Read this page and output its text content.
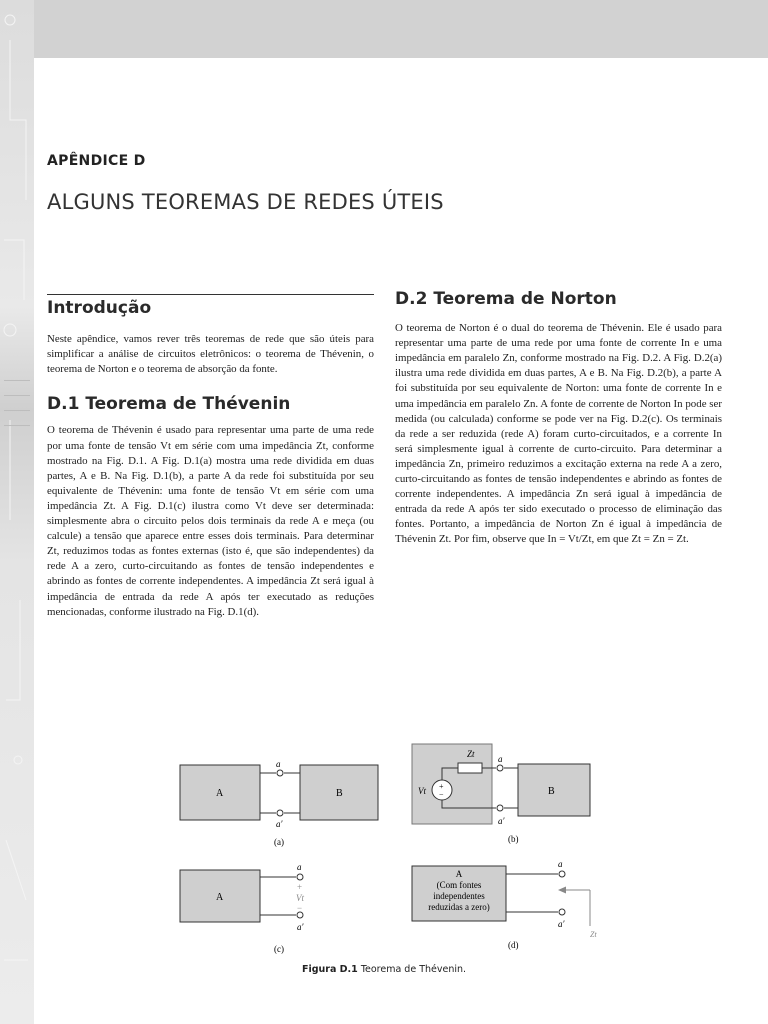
APÊNDICE D
ALGUNS TEOREMAS DE REDES ÚTEIS
Introdução

Neste apêndice, vamos rever três teoremas de rede que são úteis para simplificar a análise de circuitos eletrônicos: o teorema de Thévenin, o teorema de Norton e o teorema de absorção da fonte.

D.1 Teorema de Thévenin

O teorema de Thévenin é usado para representar uma parte de uma rede por uma fonte de tensão Vt em série com uma impedância Zt, conforme mostrado na Fig. D.1. A Fig. D.1(a) mostra uma rede dividida em duas partes, A e B. Na Fig. D.1(b), a parte A da rede foi substituída por seu equivalente de Thévenin: uma fonte de tensão Vt em série com uma impedância Zt. A Fig. D.1(c) ilustra como Vt deve ser determinada: simplesmente abra o circuito pelos dois terminais da rede A e meça (ou calcule) a tensão que aparece entre esses dois terminais. Para determinar Zt, reduzimos todas as fontes externas (isto é, que são independentes) da rede A a zero, curto-circuitando as fontes de tensão independentes e abrindo as fontes de corrente independentes. A impedância Zt será igual à impedância de entrada da rede A após ter executado as reduções mencionadas, conforme ilustrado na Fig. D.1(d).

D.2 Teorema de Norton

O teorema de Norton é o dual do teorema de Thévenin. Ele é usado para representar uma parte de uma rede por uma fonte de corrente In e uma impedância em paralelo Zn, conforme mostrado na Fig. D.2. A Fig. D.2(a) ilustra uma rede dividida em duas partes, A e B. Na Fig. D.2(b), a parte A foi substituída por seu equivalente de Norton: uma fonte de corrente In e uma impedância em paralelo Zn. A fonte de corrente de Norton In pode ser medida (ou calculada) conforme se pode ver na Fig. D.2(c). Os terminais da rede a ser reduzida (rede A) foram curto-circuitados, e a corrente In será simplesmente igual à corrente de curto-circuito. Para determinar a impedância Zn, primeiro reduzimos a excitação externa na rede A a zero, curto-circuitando as fontes de tensão independentes e abrindo as fontes de corrente independentes. A impedância Zn será igual à impedância de entrada da rede A após ter sido executado o processo de eliminação das fontes. Portanto, a impedância de Norton Zn é igual à impedância de Thévenin Zt. Por fim, observe que In = Vt/Zt, em que Zt = Zn = Zt.

A	B
a
a′
(a)
+
−
Zt
Vt	B
a
a′
(b)
A
a
+
Vt
−
a′
(c)
A
(Com fontes
independentes
reduzidas a zero)
a
a′
Zt
(d)
Figura D.1 Teorema de Thévenin.
